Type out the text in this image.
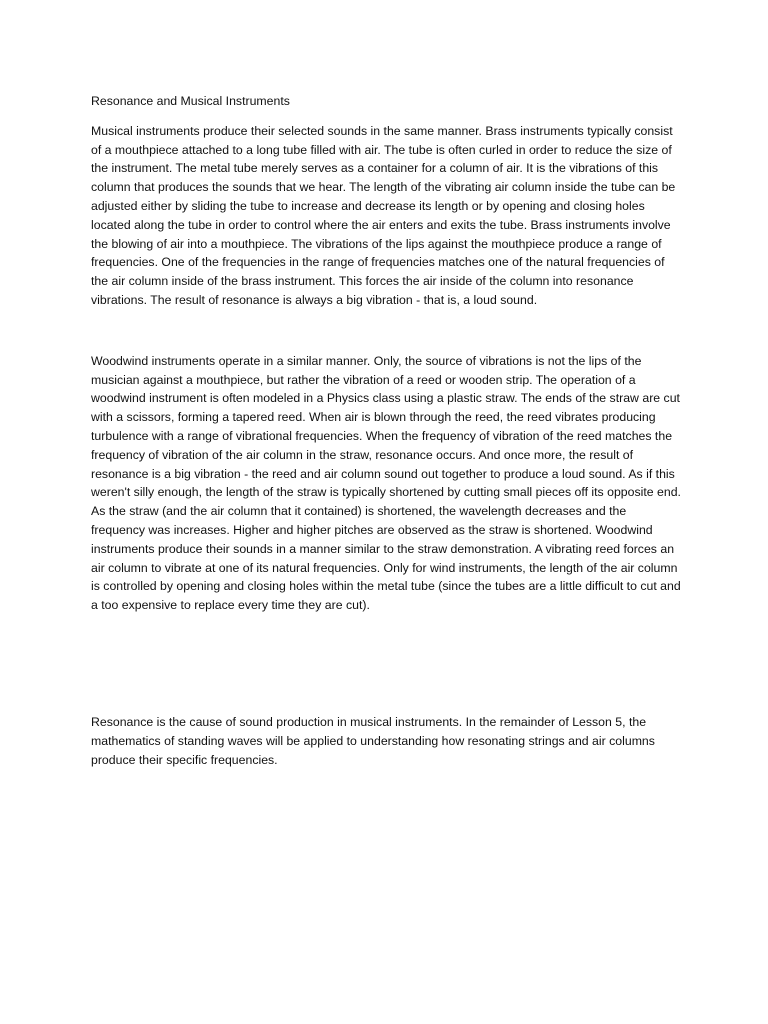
Resonance and Musical Instruments

Musical instruments produce their selected sounds in the same manner. Brass instruments typically consist of a mouthpiece attached to a long tube filled with air. The tube is often curled in order to reduce the size of the instrument. The metal tube merely serves as a container for a column of air. It is the vibrations of this column that produces the sounds that we hear. The length of the vibrating air column inside the tube can be adjusted either by sliding the tube to increase and decrease its length or by opening and closing holes located along the tube in order to control where the air enters and exits the tube. Brass instruments involve the blowing of air into a mouthpiece. The vibrations of the lips against the mouthpiece produce a range of frequencies. One of the frequencies in the range of frequencies matches one of the natural frequencies of the air column inside of the brass instrument. This forces the air inside of the column into resonance vibrations. The result of resonance is always a big vibration - that is, a loud sound.

Woodwind instruments operate in a similar manner. Only, the source of vibrations is not the lips of the musician against a mouthpiece, but rather the vibration of a reed or wooden strip. The operation of a woodwind instrument is often modeled in a Physics class using a plastic straw. The ends of the straw are cut with a scissors, forming a tapered reed. When air is blown through the reed, the reed vibrates producing turbulence with a range of vibrational frequencies. When the frequency of vibration of the reed matches the frequency of vibration of the air column in the straw, resonance occurs. And once more, the result of resonance is a big vibration - the reed and air column sound out together to produce a loud sound. As if this weren't silly enough, the length of the straw is typically shortened by cutting small pieces off its opposite end. As the straw (and the air column that it contained) is shortened, the wavelength decreases and the frequency was increases. Higher and higher pitches are observed as the straw is shortened. Woodwind instruments produce their sounds in a manner similar to the straw demonstration. A vibrating reed forces an air column to vibrate at one of its natural frequencies. Only for wind instruments, the length of the air column is controlled by opening and closing holes within the metal tube (since the tubes are a little difficult to cut and a too expensive to replace every time they are cut).

Resonance is the cause of sound production in musical instruments. In the remainder of Lesson 5, the mathematics of standing waves will be applied to understanding how resonating strings and air columns produce their specific frequencies.
